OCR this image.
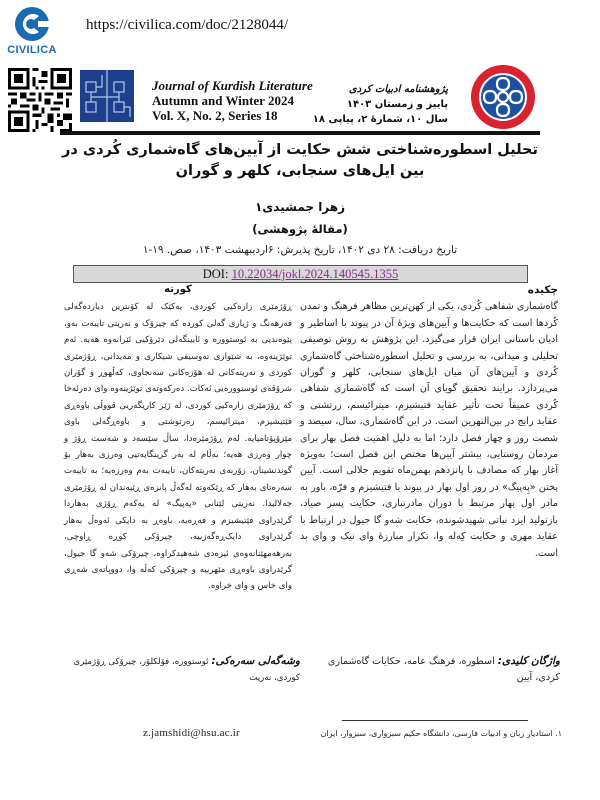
CIVILICA
https://civilica.com/doc/2128044/
Journal of Kurdish Literature
Autumn and Winter 2024
Vol. X, No. 2, Series 18
پژوهشنامه ادبیات کردی
پاییز و زمستان ۱۴۰۳
سال ۱۰، شمارهٔ ۲، پیاپی ۱۸
تحلیل اسطوره‌شناختی شش حکایت از آیین‌های گاه‌شماری کُردی در بین ایل‌های سنجابی، کلهر و گوران
زهرا جمشیدی۱
(مقالهٔ پژوهشی)
تاریخ دریافت: ۲۸ دی ۱۴۰۲، تاریخ پذیرش: ۶اردیبهشت ۱۴۰۳، صص. ۱۹-۱
DOI: 10.22034/jokl.2024.140545.1355
چکیده
گاه‌شماری شفاهی کُردی، یکی از کهن‌ترین مظاهر فرهنگ و تمدن کُردها است که حکایت‌ها و آیین‌های ویژهٔ آن در پیوند با اساطیر و ادیان باستانی ایران قرار می‌گیرد. این پژوهش به روش توصیفی تحلیلی و میدانی، به بررسی و تحلیل اسطوره‌شناختی گاه‌شماری کُردی و آیین‌های آن میان ایل‌های سنجابی، کلهر و گوران می‌پردازد. برایند تحقیق گویای آن است که گاه‌شماری شفاهی کُردی عمیقاً تحت تأثیر عقاید فتیشیزم، میترائیسم، زرتشتی و عقاید رایج در بین‌النهرین است. در این گاه‌شماری، سال، سیصد و شصت روز و چهار فصل دارد؛ اما به دلیل اهمیت فصل بهار برای مردمان روستایی، بیشتر آیین‌ها مختص این فصل است؛ به‌ویژه آغاز بهار که مصادف با پانزدهم بهمن‌ماه تقویم جلالی است. آیین پختن «پِه‌پیگ» در روز اول بهار در پیوند با فتیشیزم و فرّه، باور به مادر اول بهار مرتبط با دوران مادرتباری، حکایت پسر صیاد، بازتولید ایزد نباتی شهیدشونده، حکایت شه‌و گا جیول در ارتباط با عقاید مهری و حکایت کِه‌له وا، تکرار مبارزهٔ وای نیک و وای بد است.
کورته
ڕۆژمێری زارەکیی کوردی، یەکێک لە کۆنترین دیاردەگەلی فەرهەنگ و ژیاری گەلی کوردە کە چیرۆک و نەریتی تایبەت بەو، پێوەندیی بە ئوستوورە و ئایینگەلی دێرۆکیی ئێرانەوە هەیە. ئەم توێژینەوە، بە شێوازی تەوسیفی شیکاری و مەیدانی، ڕۆژمێری کوردی و نەریتەکانی لە هۆزەکانی سەنجاوی، کەڵهوڕ و گۆران شرۆڤەی ئوستوورەیی ئەکات. دەرکەوتەی توێژینەوە وای دەرئەخا کە ڕۆژمێری زارەکیی کوردی، لە ژێر کاریگەریی قووڵی باوەڕی فێتیشیزم، میترائیسم، زەرتوشتی و باوەڕگەلی باوی مێزۆپۆتامیایە. لەم ڕۆژمێرەدا، ساڵ سێسەد و شەست ڕۆژ و چوار وەرزی هەیە؛ بەڵام لە بەر گرینگایەتیی وەرزی بەهار بۆ گوندنشینان، زۆربەی نەریتەکان، تایبەت بەم وەرزەیە؛ بە تایبەت سەرەتای بەهار کە ڕێکەوتە لەگەڵ پانزەی ڕێبەندان لە ڕۆژمێری جەلالیدا. نەریتی لێنانی «پەپیگ» لە یەکەم ڕۆژی بەهاردا گرێدراوی فێتیشیزم و فەڕەیە، باوەڕ بە دایکی ئەوەڵ بەهار گرێدراوی دایک‌ڕەگەزییە، چیرۆکی کوڕە ڕاوچی، بەرهەمهێنانەوەی ئیزەدی شەهیدکراوە، چیرۆکی شەو گا جیول، گرێدراوی باوەڕی مێهرییە و چیرۆکی کەڵە وا، دووپاتەی شەڕی وای خاس و وای خراوە.
واژگان کلیدی: اسطوره، فرهنگ عامه، حکایات گاه‌شماری کردی، آیین
وشەگەلی سەرەکی: ئوستوورە، فۆلکلۆر، چیرۆکی ڕۆژمێری کوردی، نەریت
۱. استادیار زبان و ادبیات فارسی، دانشگاه حکیم سبزواری، سبزوار، ایران
z.jamshidi@hsu.ac.ir
